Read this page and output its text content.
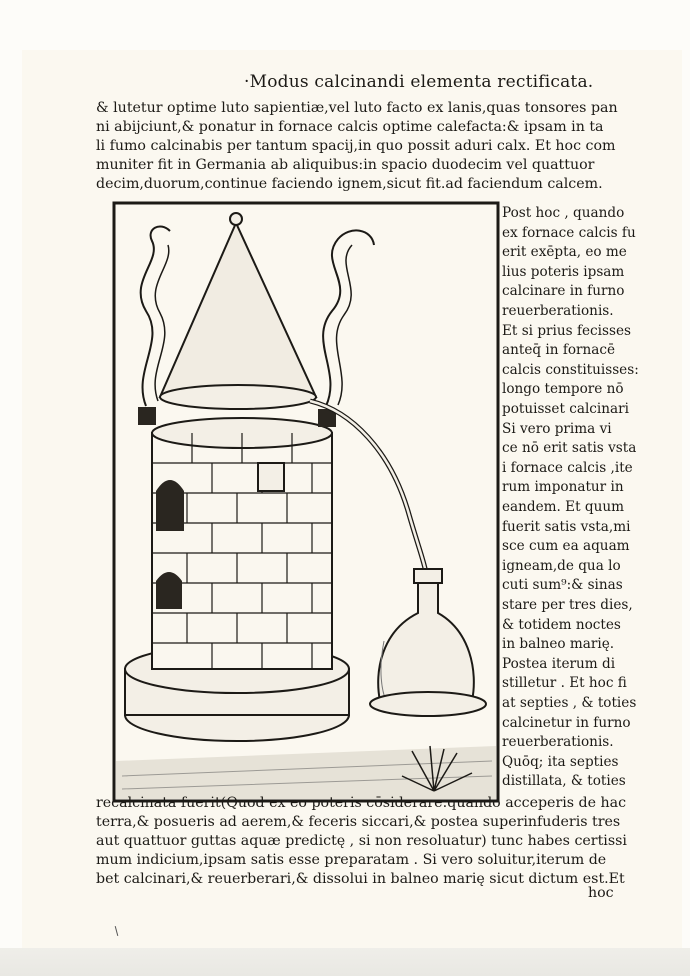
·Modus calcinandi elementa rectificata.
& lutetur optime luto sapientiæ,vel luto facto ex lanis,quas tonsores pan
ni abijciunt,& ponatur in fornace calcis optime calefacta:& ipsam in ta
li fumo calcinabis per tantum spacij,in quo possit aduri calx. Et hoc com
muniter fit in Germania ab aliquibus:in spacio duodecim vel quattuor
decim,duorum,continue faciendo ignem,sicut fit.ad faciendum calcem.
Post hoc , quando
ex fornace calcis fu
erit exēpta, eo me
lius poteris ipsam
calcinare in furno
reuerberationis.
Et si prius fecisses
anteq̄ in fornacē
calcis constituisses:
longo tempore nō
potuisset calcinari
Si vero prima vi
ce nō erit satis vsta
i fornace calcis ,ite
rum imponatur in
eandem. Et quum
fuerit satis vsta,mi
sce cum ea aquam
igneam,de qua lo
cuti sum⁹:& sinas
stare per tres dies,
& totidem noctes
in balneo marię.
Postea iterum di
stilletur . Et hoc fi
at septies , & toties
calcinetur in furno
reuerberationis.
Quōq; ita septies
distillata, & toties
recalcinata fuerit(Quod ex eo poteris cōsiderare:quando acceperis de hac
terra,& posueris ad aerem,& feceris siccari,& postea superinfuderis tres
aut quattuor guttas aquæ predictę , si non resoluatur) tunc habes certissi
mum indicium,ipsam satis esse preparatam . Si vero soluitur,iterum de
bet calcinari,& reuerberari,& dissolui in balneo marię sicut dictum est.Et
hoc
